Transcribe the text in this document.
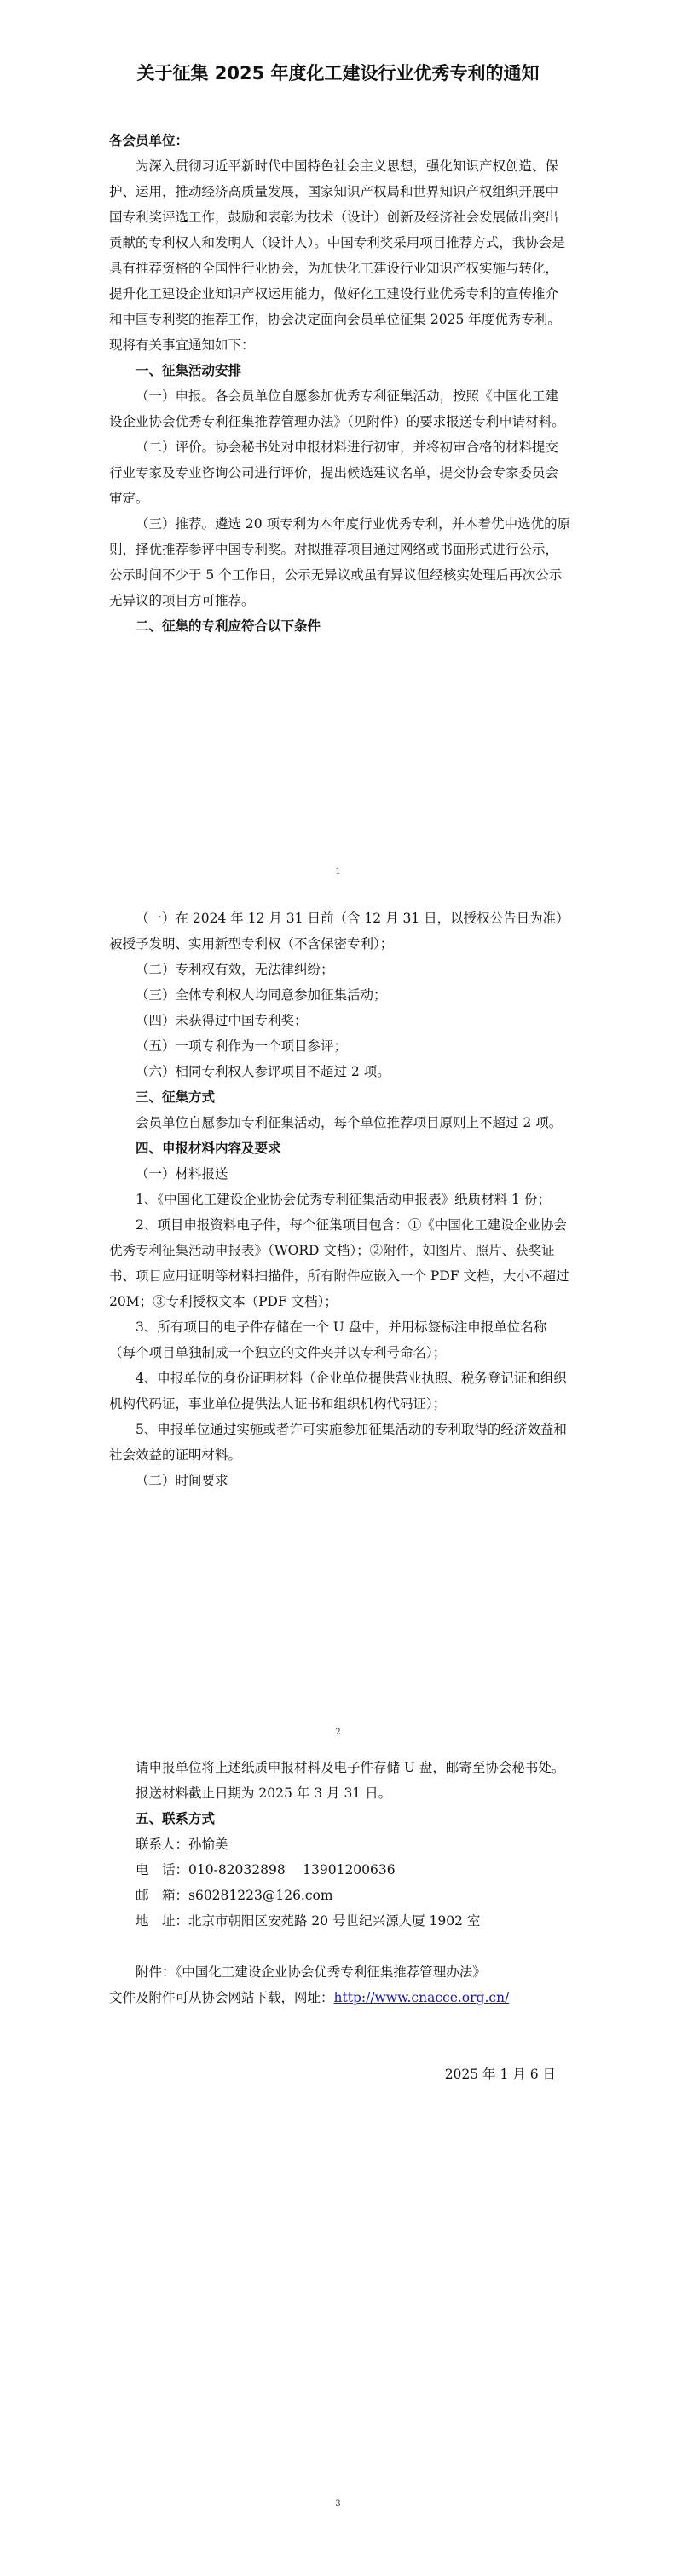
关于征集 2025 年度化工建设行业优秀专利的通知

各会员单位：

为深入贯彻习近平新时代中国特色社会主义思想，强化知识产权创造、保护、运用，推动经济高质量发展，国家知识产权局和世界知识产权组织开展中国专利奖评选工作，鼓励和表彰为技术（设计）创新及经济社会发展做出突出贡献的专利权人和发明人（设计人）。中国专利奖采用项目推荐方式，我协会是具有推荐资格的全国性行业协会，为加快化工建设行业知识产权实施与转化，提升化工建设企业知识产权运用能力，做好化工建设行业优秀专利的宣传推介和中国专利奖的推荐工作，协会决定面向会员单位征集 2025 年度优秀专利。现将有关事宜通知如下：

一、征集活动安排

（一）申报。各会员单位自愿参加优秀专利征集活动，按照《中国化工建设企业协会优秀专利征集推荐管理办法》（见附件）的要求报送专利申请材料。

（二）评价。协会秘书处对申报材料进行初审，并将初审合格的材料提交行业专家及专业咨询公司进行评价，提出候选建议名单，提交协会专家委员会审定。

（三）推荐。遴选 20 项专利为本年度行业优秀专利，并本着优中选优的原则，择优推荐参评中国专利奖。对拟推荐项目通过网络或书面形式进行公示，公示时间不少于 5 个工作日，公示无异议或虽有异议但经核实处理后再次公示无异议的项目方可推荐。

二、征集的专利应符合以下条件

1

（一）在 2024 年 12 月 31 日前（含 12 月 31 日，以授权公告日为准）被授予发明、实用新型专利权（不含保密专利）；

（二）专利权有效，无法律纠纷；

（三）全体专利权人均同意参加征集活动；

（四）未获得过中国专利奖；

（五）一项专利作为一个项目参评；

（六）相同专利权人参评项目不超过 2 项。

三、征集方式

会员单位自愿参加专利征集活动，每个单位推荐项目原则上不超过 2 项。

四、申报材料内容及要求

（一）材料报送

1、《中国化工建设企业协会优秀专利征集活动申报表》纸质材料 1 份；

2、项目申报资料电子件，每个征集项目包含：①《中国化工建设企业协会优秀专利征集活动申报表》（WORD 文档）；②附件，如图片、照片、获奖证书、项目应用证明等材料扫描件，所有附件应嵌入一个 PDF 文档，大小不超过 20M；③专利授权文本（PDF 文档）；

3、所有项目的电子件存储在一个 U 盘中，并用标签标注申报单位名称（每个项目单独制成一个独立的文件夹并以专利号命名）；

4、申报单位的身份证明材料（企业单位提供营业执照、税务登记证和组织机构代码证，事业单位提供法人证书和组织机构代码证）；

5、申报单位通过实施或者许可实施参加征集活动的专利取得的经济效益和社会效益的证明材料。

（二）时间要求

2

请申报单位将上述纸质申报材料及电子件存储 U 盘，邮寄至协会秘书处。

报送材料截止日期为 2025 年 3 月 31 日。

五、联系方式

联系人：孙愉美

电　话：010-82032898　 13901200636

邮　箱：s60281223@126.com

地　址：北京市朝阳区安苑路 20 号世纪兴源大厦 1902 室

附件：《中国化工建设企业协会优秀专利征集推荐管理办法》

文件及附件可从协会网站下载，网址：http://www.cnacce.org.cn/

2025 年 1 月 6 日

3
